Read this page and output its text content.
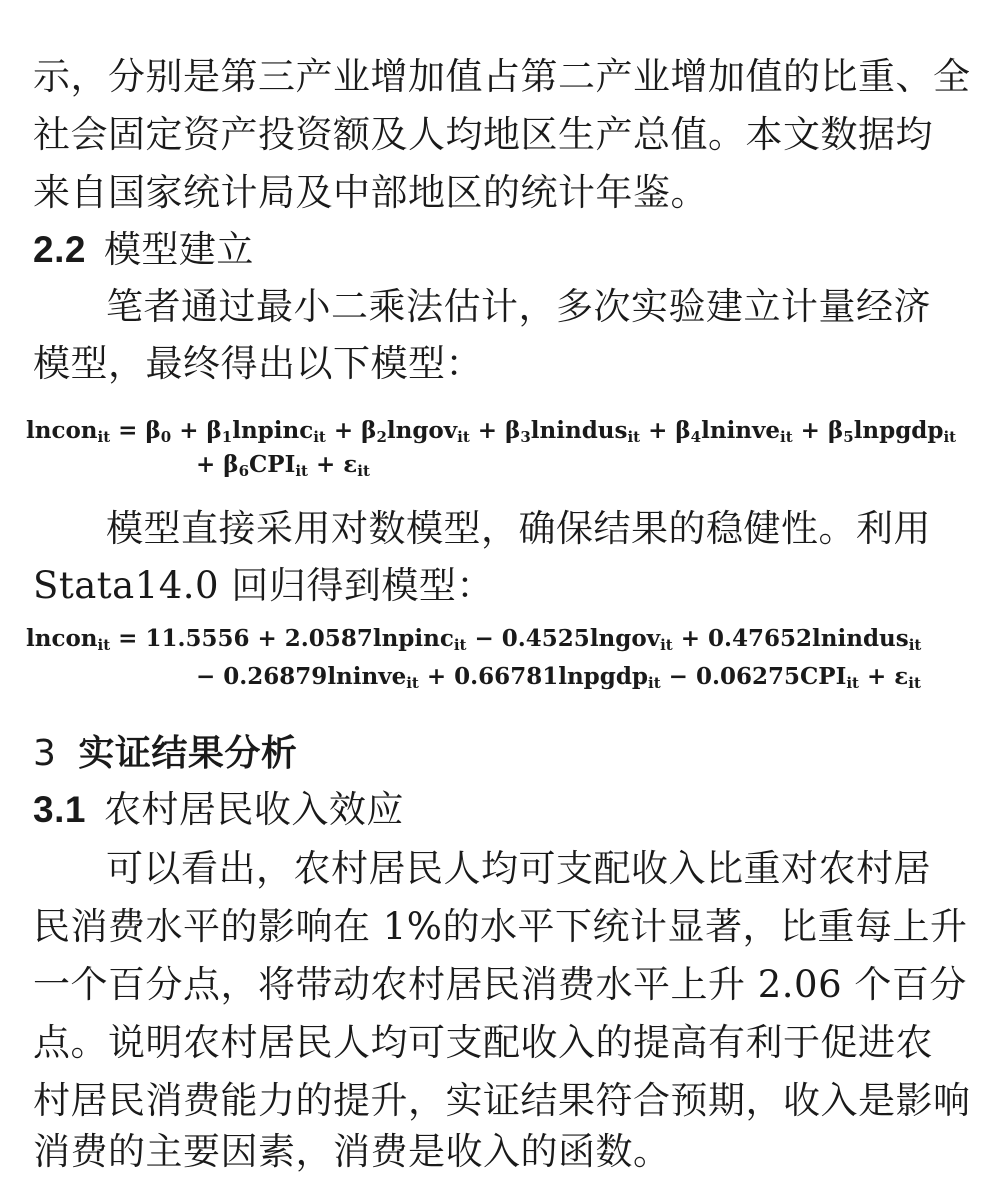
示，分别是第三产业增加值占第二产业增加值的比重、全
社会固定资产投资额及人均地区生产总值。本文数据均
来自国家统计局及中部地区的统计年鉴。
2.2 模型建立
笔者通过最小二乘法估计，多次实验建立计量经济
模型，最终得出以下模型：
lncon$_{it}$ = $\beta_0$ + $\beta_1lnpinc_{it}$ + $\beta_2lngov_{it}$ + $\beta_3lnindus_{it}$ + $\beta_4lninve_{it}$ + $\beta_5lnpgdp_{it}$
+ $\beta_6CPI_{it} + \varepsilon_{it}$
模型直接采用对数模型，确保结果的稳健性。利用
Stata14.0 回归得到模型：
lncon$_{it}$ = 11.5556 + 2.0587lnpinc$_{it}$ − 0.4525lngov$_{it}$ + 0.47652lnindus$_{it}$
− 0.26879lninve$_{it}$ + 0.66781lnpgdp$_{it}$ − $0.06275CPI_{it} + \varepsilon_{it}$
3 实证结果分析
3.1 农村居民收入效应
可以看出，农村居民人均可支配收入比重对农村居
民消费水平的影响在 1%的水平下统计显著，比重每上升
一个百分点，将带动农村居民消费水平上升 2.06 个百分
点。说明农村居民人均可支配收入的提高有利于促进农
村居民消费能力的提升，实证结果符合预期，收入是影响
消费的主要因素，消费是收入的函数。
